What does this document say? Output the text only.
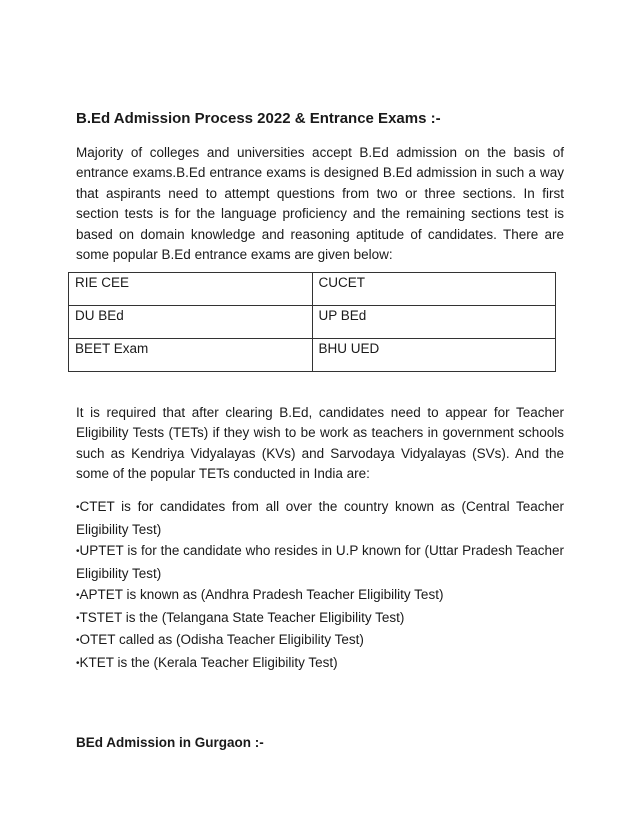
B.Ed Admission Process 2022 & Entrance Exams :-

Majority of colleges and universities accept B.Ed admission on the basis of entrance exams.B.Ed entrance exams is designed B.Ed admission in such a way that aspirants need to attempt questions from two or three sections. In first section tests is for the language proficiency and the remaining sections test is based on domain knowledge and reasoning aptitude of candidates. There are some popular B.Ed entrance exams are given below:

RIE CEE	CUCET
DU BEd	UP BEd
BEET Exam	BHU UED

It is required that after clearing B.Ed, candidates need to appear for Teacher Eligibility Tests (TETs) if they wish to be work as teachers in government schools such as Kendriya Vidyalayas (KVs) and Sarvodaya Vidyalayas (SVs). And the some of the popular TETs conducted in India are:

•CTET is for candidates from all over the country known as (Central Teacher Eligibility Test)
•UPTET is for the candidate who resides in U.P known for (Uttar Pradesh Teacher Eligibility Test)
•APTET is known as (Andhra Pradesh Teacher Eligibility Test)
•TSTET is the (Telangana State Teacher Eligibility Test)
•OTET called as (Odisha Teacher Eligibility Test)
•KTET is the (Kerala Teacher Eligibility Test)
BEd Admission in Gurgaon :-
